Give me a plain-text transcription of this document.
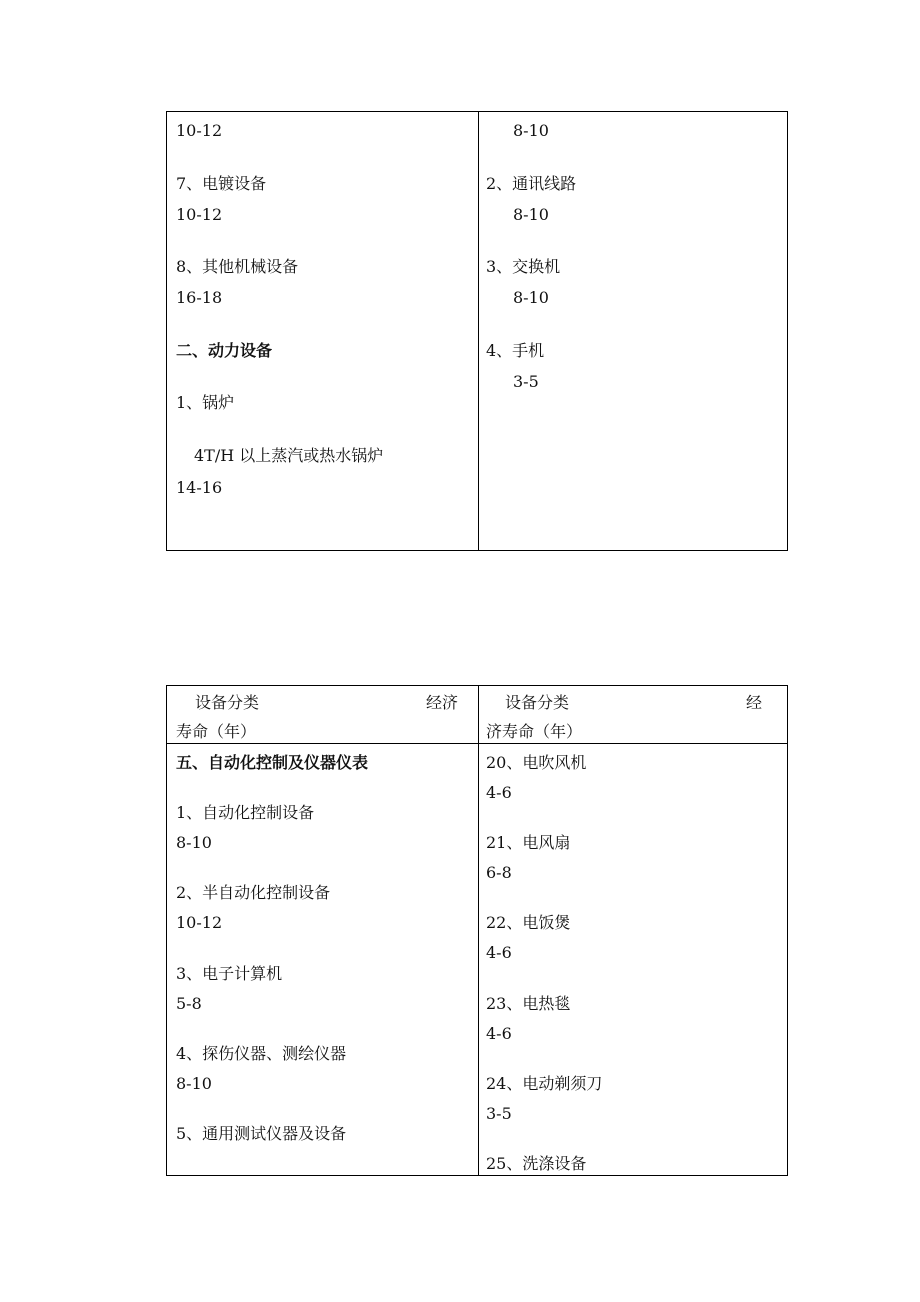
10-12
7、电镀设备
10-12
8、其他机械设备
16-18
二、动力设备
1、锅炉
4T/H 以上蒸汽或热水锅炉
14-16
8-10
2、通讯线路
8-10
3、交换机
8-10
4、手机
3-5
设备分类	经济
寿命（年）
设备分类	经
济寿命（年）
五、自动化控制及仪器仪表
1、自动化控制设备
8-10
2、半自动化控制设备
10-12
3、电子计算机
5-8
4、探伤仪器、测绘仪器
8-10
5、通用测试仪器及设备
20、电吹风机
4-6
21、电风扇
6-8
22、电饭煲
4-6
23、电热毯
4-6
24、电动剃须刀
3-5
25、洗涤设备
